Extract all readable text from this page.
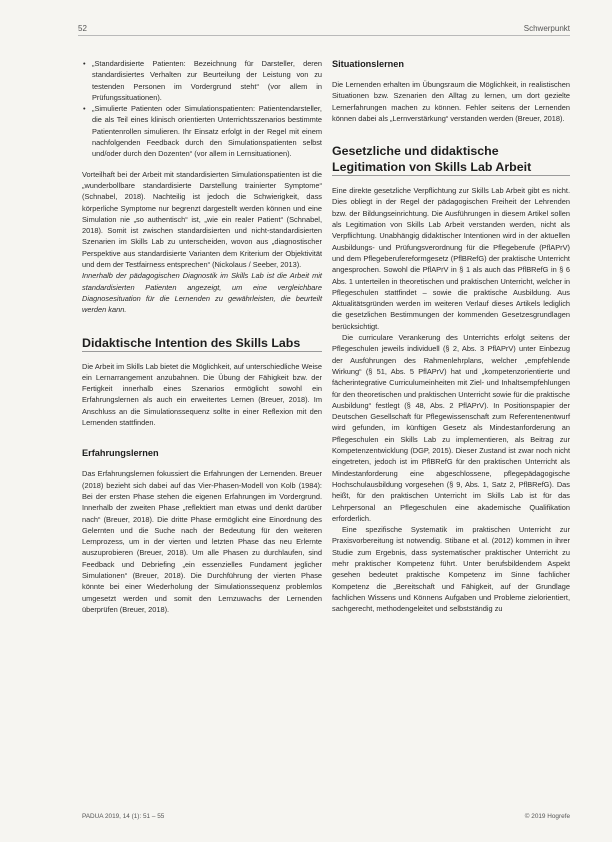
52	Schwerpunkt
• „Standardisierte Patienten: Bezeichnung für Darsteller, deren standardisiertes Verhalten zur Beurteilung der Leistung von zu testenden Personen im Vordergrund steht“ (vor allem in Prüfungssituationen).
• „Simulierte Patienten oder Simulationspatienten: Patientendarsteller, die als Teil eines klinisch orientierten Unterrichtsszenarios bestimmte Patientenrollen simulieren. Ihr Einsatz erfolgt in der Regel mit einem nachfolgenden Feedback durch den Simulationspatienten selbst und/oder durch den Dozenten“ (vor allem in Lernsituationen).

Vorteilhaft bei der Arbeit mit standardisierten Simulationspatienten ist die „wunderbollbare standardisierte Darstellung trainierter Symptome“ (Schnabel, 2018). Nachteilig ist jedoch die Schwierigkeit, dass körperliche Symptome nur begrenzt dargestellt werden können und eine Simulation nie „so authentisch“ ist, „wie ein realer Patient“ (Schnabel, 2018). Somit ist zwischen standardisierten und nicht-standardisierten Szenarien im Skills Lab zu unterscheiden, wovon aus „diagnostischer Perspektive aus standardisierte Varianten dem Kriterium der Objektivität und dem der Testfairness entsprechen“ (Nickolaus / Seeber, 2013).

Innerhalb der pädagogischen Diagnostik im Skills Lab ist die Arbeit mit standardisierten Patienten angezeigt, um eine vergleichbare Diagnosesituation für die Lernenden zu gewährleisten, die beurteilt werden kann.

Didaktische Intention des Skills Labs

Die Arbeit im Skills Lab bietet die Möglichkeit, auf unterschiedliche Weise ein Lernarrangement anzubahnen. Die Übung der Fähigkeit bzw. der Fertigkeit innerhalb eines Szenarios ermöglicht sowohl ein Erfahrungslernen als auch ein erweitertes Lernen (Breuer, 2018). Im Anschluss an die Simulationssequenz sollte in einer Reflexion mit den Lernenden stattfinden.

Erfahrungslernen

Das Erfahrungslernen fokussiert die Erfahrungen der Lernenden. Breuer (2018) bezieht sich dabei auf das Vier-Phasen-Modell von Kolb (1984): Bei der ersten Phase stehen die eigenen Erfahrungen im Vordergrund. Innerhalb der zweiten Phase „reflektiert man etwas und denkt darüber nach“ (Breuer, 2018). Die dritte Phase ermöglicht eine Einordnung des Gelernten und die Suche nach der Bedeutung für den weiteren Lernprozess, um in der vierten und letzten Phase das neu Erlernte auszuprobieren (Breuer, 2018). Um alle Phasen zu durchlaufen, sind Feedback und Debriefing „ein essenzielles Fundament jeglicher Simulationen“ (Breuer, 2018). Die Durchführung der vierten Phase könnte bei einer Wiederholung der Simulationssequenz problemlos umgesetzt werden und somit den Lernzuwachs der Lernenden überprüfen (Breuer, 2018).

Situationslernen

Die Lernenden erhalten im Übungsraum die Möglichkeit, in realistischen Situationen bzw. Szenarien den Alltag zu lernen, um dort gezielte Lernerfahrungen machen zu können. Fehler seitens der Lernenden können dabei als „Lernverstärkung“ verstanden werden (Breuer, 2018).

Gesetzliche und didaktische Legitimation von Skills Lab Arbeit

Eine direkte gesetzliche Verpflichtung zur Skills Lab Arbeit gibt es nicht. Dies obliegt in der Regel der pädagogischen Freiheit der Lehrenden bzw. der Bildungseinrichtung. Die Ausführungen in diesem Artikel sollen als Legitimation von Skills Lab Arbeit verstanden werden, nicht als Verpflichtung. Unabhängig didaktischer Intentionen wird in der aktuellen Ausbildungs- und Prüfungsverordnung für die Pflegeberufe (PflAPrV) und dem Pflegeberufereformgesetz (PflBRefG) der praktische Unterricht angesprochen. Sowohl die PflAPrV in § 1 als auch das PflBRefG in § 6 Abs. 1 unterteilen in theoretischen und praktischen Unterricht, welcher in Pflegeschulen stattfindet – sowie die praktische Ausbildung. Aus Aktualitätsgründen werden im weiteren Verlauf dieses Artikels lediglich die gesetzlichen Bestimmungen der kommenden Gesetzesgrundlagen berücksichtigt.

Die curriculare Verankerung des Unterrichts erfolgt seitens der Pflegeschulen jeweils individuell (§ 2, Abs. 3 PflAPrV) unter Einbezug der Ausführungen des Rahmenlehrplans, welcher „empfehlende Wirkung“ (§ 51, Abs. 5 PflAPrV) hat und „kompetenzorientierte und fächerintegrative Curriculumeinheiten mit Ziel- und Inhaltsempfehlungen für den theoretischen und praktischen Unterricht sowie für die praktische Ausbildung“ festlegt (§ 48, Abs. 2 PflAPrV). In Positionspapier der Deutschen Gesellschaft für Pflegewissenschaft zum Referentenentwurf wird gefunden, im künftigen Gesetz als Mindestanforderung an Pflegeschulen ein Skills Lab zu implementieren, als Beitrag zur Kompetenzentwicklung (DGP, 2015). Dieser Zustand ist zwar noch nicht eingetreten, jedoch ist im PflBRefG für den praktischen Unterricht als Mindestanforderung eine abgeschlossene, pflegepädagogische Hochschulausbildung vorgesehen (§ 9, Abs. 1, Satz 2, PflBRefG). Das heißt, für den praktischen Unterricht im Skills Lab ist für das Lehrpersonal an Pflegeschulen eine akademische Qualifikation erforderlich.

Eine spezifische Systematik im praktischen Unterricht zur Praxisvorbereitung ist notwendig. Stibane et al. (2012) kommen in ihrer Studie zum Ergebnis, dass systematischer praktischer Unterricht zu mehr praktischer Kompetenz führt. Unter berufsbildendem Aspekt gesehen bedeutet praktische Kompetenz im Sinne fachlicher Kompetenz die „Bereitschaft und Fähigkeit, auf der Grundlage fachlichen Wissens und Könnens Aufgaben und Probleme zielorientiert, sachgerecht, methodengeleitet und selbstständig zu

PADUA 2019, 14 (1): 51 – 55	© 2019 Hogrefe
